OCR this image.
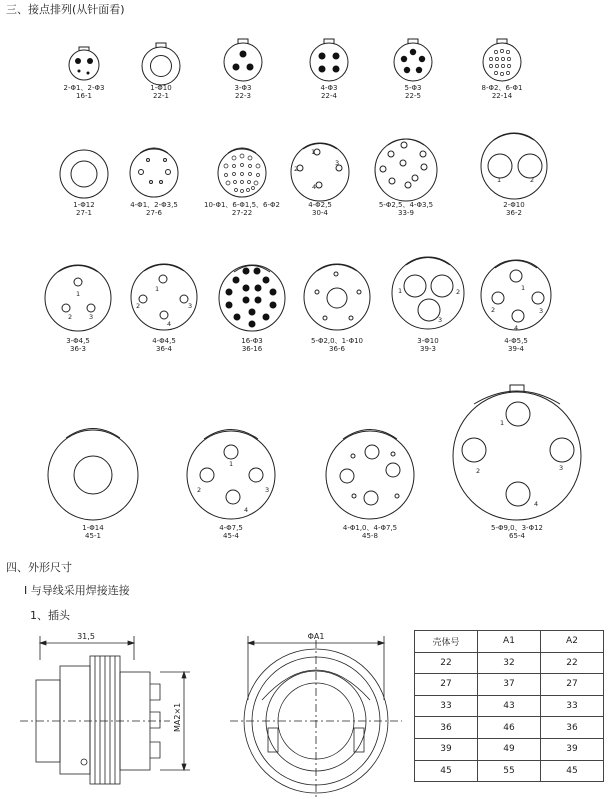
三、接点排列(从针面看)
四、外形尺寸
I 与导线采用焊接连接
1、插头
1
2
3
4
1	2
1
2	3
1
2	3
4
1	2
3
1
2	3
4
1
2	3
4
1
2	3
4
2-Φ1、2-Φ3
16-1
1-Φ10
22-1
3-Φ3
22-3
4-Φ3
22-4
5-Φ3
22-5
8-Φ2、6-Φ1
22-14
1-Φ12
27-1
4-Φ1、2-Φ3,5
27-6
10-Φ1、6-Φ1,5、6-Φ2
27-22
4-Φ2,5
30-4
5-Φ2,5、4-Φ3,5
33-9
2-Φ10
36-2
3-Φ4,5
36-3
4-Φ4,5
36-4
16-Φ3
36-16
5-Φ2,0、1-Φ10
36-6
3-Φ10
39-3
4-Φ5,5
39-4
1-Φ14
45-1
4-Φ7,5
45-4
4-Φ1,0、4-Φ7,5
45-8
5-Φ9,0、3-Φ12
65-4
31,5
MA2×1
ΦA1
壳体号	A1	A2
22	32	22
27	37	27
33	43	33
36	46	36
39	49	39
45	55	45
